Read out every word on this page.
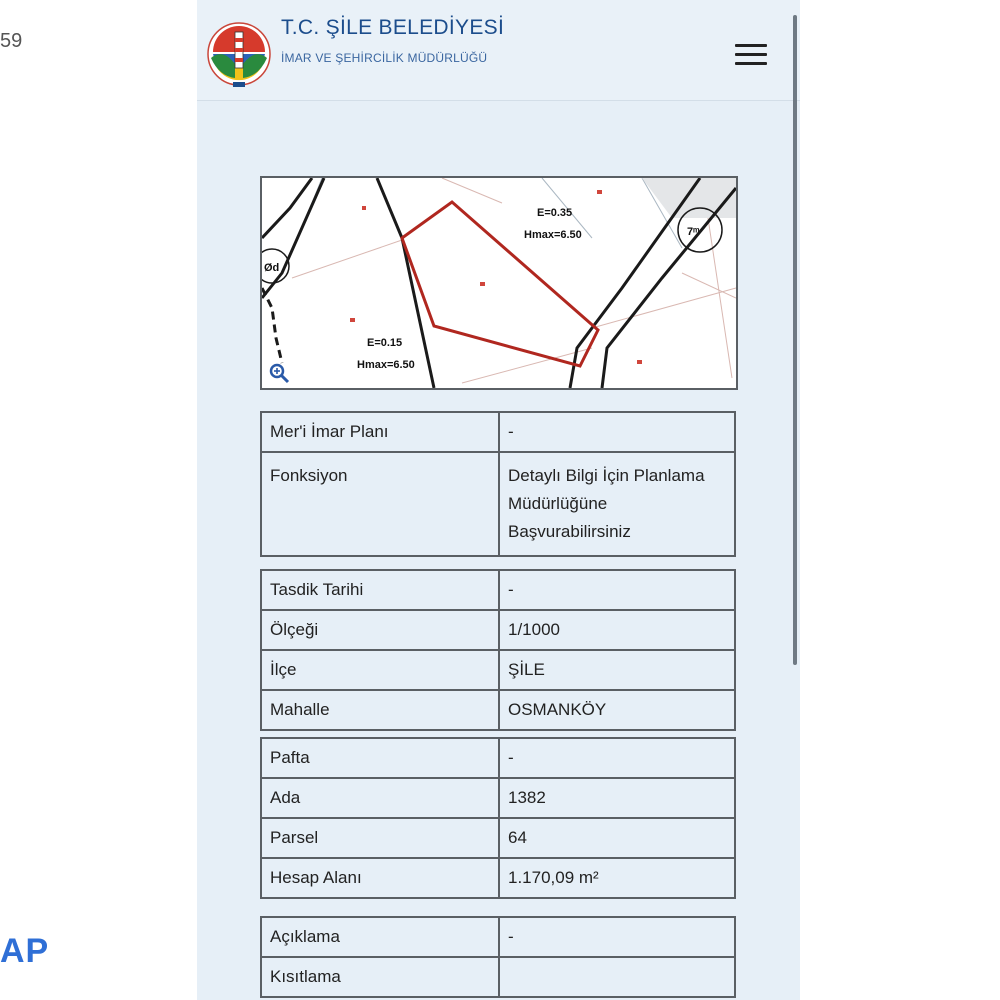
59
AP
T.C. ŞİLE BELEDİYESİ
İMAR VE ŞEHİRCİLİK MÜDÜRLÜĞÜ
E=0.35
Hmax=6.50
E=0.15
Hmax=6.50
Ød
7ᵐ
Mer'i İmar Planı	-
Fonksiyon	Detaylı Bilgi İçin Planlama Müdürlüğüne Başvurabilirsiniz
Tasdik Tarihi	-
Ölçeği	1/1000
İlçe	ŞİLE
Mahalle	OSMANKÖY
Pafta	-
Ada	1382
Parsel	64
Hesap Alanı	1.170,09 m²
Açıklama	-
Kısıtlama	
